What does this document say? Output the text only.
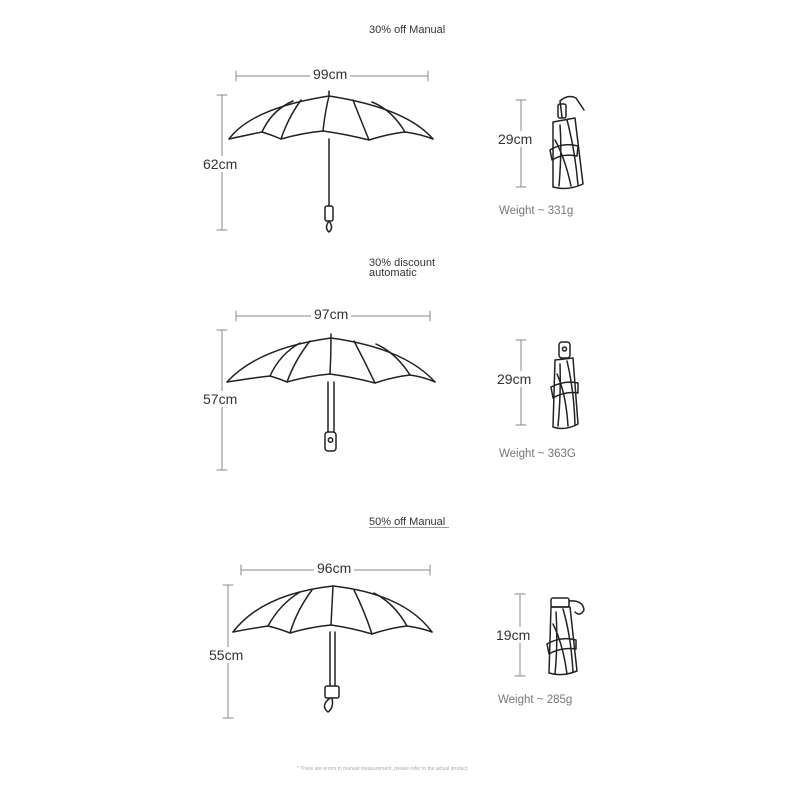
30% off Manual
99cm
62cm
29cm
Weight ~ 331g
30% discount
automatic
97cm
57cm
29cm
Weight ~ 363G
50% off Manual
96cm
55cm
19cm
Weight ~ 285g
* There are errors in manual measurement, please refer to the actual product
